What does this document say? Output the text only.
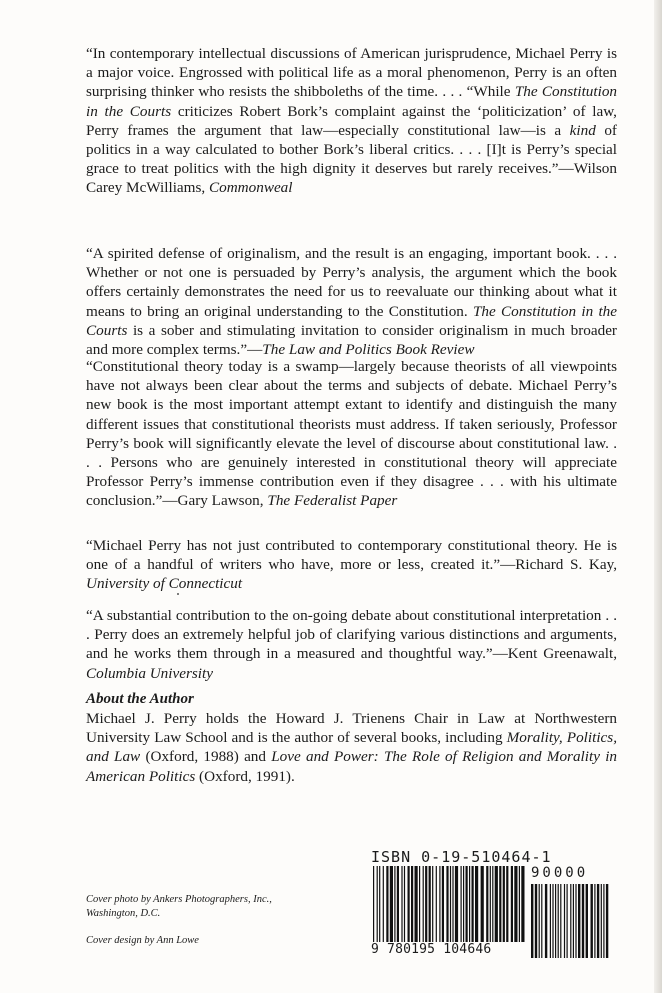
“In contemporary intellectual discussions of American jurisprudence, Michael Perry is a major voice. Engrossed with political life as a moral phenomenon, Perry is an often surprising thinker who resists the shibboleths of the time. . . . “While The Constitution in the Courts criticizes Robert Bork’s complaint against the ‘politicization’ of law, Perry frames the argument that law—especially constitutional law—is a kind of politics in a way calculated to bother Bork’s liberal critics. . . . [I]t is Perry’s special grace to treat politics with the high dignity it deserves but rarely receives.”—Wilson Carey McWilliams, Commonweal

“A spirited defense of originalism, and the result is an engaging, important book. . . . Whether or not one is persuaded by Perry’s analysis, the argument which the book offers certainly demonstrates the need for us to reevaluate our thinking about what it means to bring an original understanding to the Constitution. The Constitution in the Courts is a sober and stimulating invitation to consider originalism in much broader and more complex terms.”—The Law and Politics Book Review

“Constitutional theory today is a swamp—largely because theorists of all viewpoints have not always been clear about the terms and subjects of debate. Michael Perry’s new book is the most important attempt extant to identify and distinguish the many different issues that constitutional theorists must address. If taken seriously, Professor Perry’s book will significantly elevate the level of discourse about constitutional law. . . . Persons who are genuinely interested in constitutional theory will appreciate Professor Perry’s immense contribution even if they disagree . . . with his ultimate conclusion.”—Gary Lawson, The Federalist Paper

“Michael Perry has not just contributed to contemporary constitutional theory. He is one of a handful of writers who have, more or less, created it.”—Richard S. Kay, University of Connecticut

“A substantial contribution to the on-going debate about constitutional interpretation . . . Perry does an extremely helpful job of clarifying various distinctions and arguments, and he works them through in a measured and thoughtful way.”—Kent Greenawalt, Columbia University

About the Author

Michael J. Perry holds the Howard J. Trienens Chair in Law at Northwestern University Law School and is the author of several books, including Morality, Politics, and Law (Oxford, 1988) and Love and Power: The Role of Religion and Morality in American Politics (Oxford, 1991).

Cover photo by Ankers Photographers, Inc.,
Washington, D.C.
Cover design by Ann Lowe
ISBN 0-19-510464-1
90000
9 780195 104646
